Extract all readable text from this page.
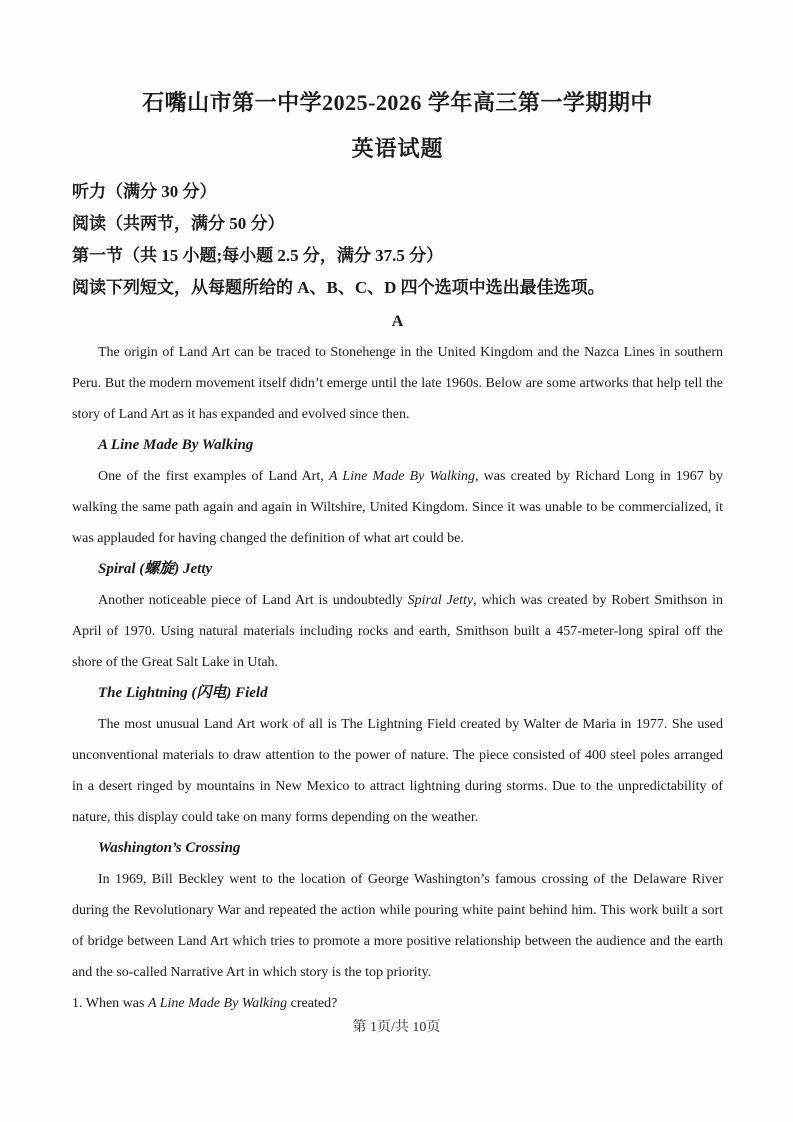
石嘴山市第一中学2025-2026 学年高三第一学期期中
英语试题

听力（满分 30 分）

阅读（共两节，满分 50 分）

第一节（共 15 小题;每小题 2.5 分，满分 37.5 分）

阅读下列短文，从每题所给的 A、B、C、D 四个选项中选出最佳选项。

A

The origin of Land Art can be traced to Stonehenge in the United Kingdom and the Nazca Lines in southern Peru. But the modern movement itself didn’t emerge until the late 1960s. Below are some artworks that help tell the story of Land Art as it has expanded and evolved since then.

A Line Made By Walking

One of the first examples of Land Art, A Line Made By Walking, was created by Richard Long in 1967 by walking the same path again and again in Wiltshire, United Kingdom. Since it was unable to be commercialized, it was applauded for having changed the definition of what art could be.

Spiral (螺旋) Jetty

Another noticeable piece of Land Art is undoubtedly Spiral Jetty, which was created by Robert Smithson in April of 1970. Using natural materials including rocks and earth, Smithson built a 457-meter-long spiral off the shore of the Great Salt Lake in Utah.

The Lightning (闪电) Field

The most unusual Land Art work of all is The Lightning Field created by Walter de Maria in 1977. She used unconventional materials to draw attention to the power of nature. The piece consisted of 400 steel poles arranged in a desert ringed by mountains in New Mexico to attract lightning during storms. Due to the unpredictability of nature, this display could take on many forms depending on the weather.

Washington’s Crossing

In 1969, Bill Beckley went to the location of George Washington’s famous crossing of the Delaware River during the Revolutionary War and repeated the action while pouring white paint behind him. This work built a sort of bridge between Land Art which tries to promote a more positive relationship between the audience and the earth and the so-called Narrative Art in which story is the top priority.

1. When was A Line Made By Walking created?

第 1页/共 10页
